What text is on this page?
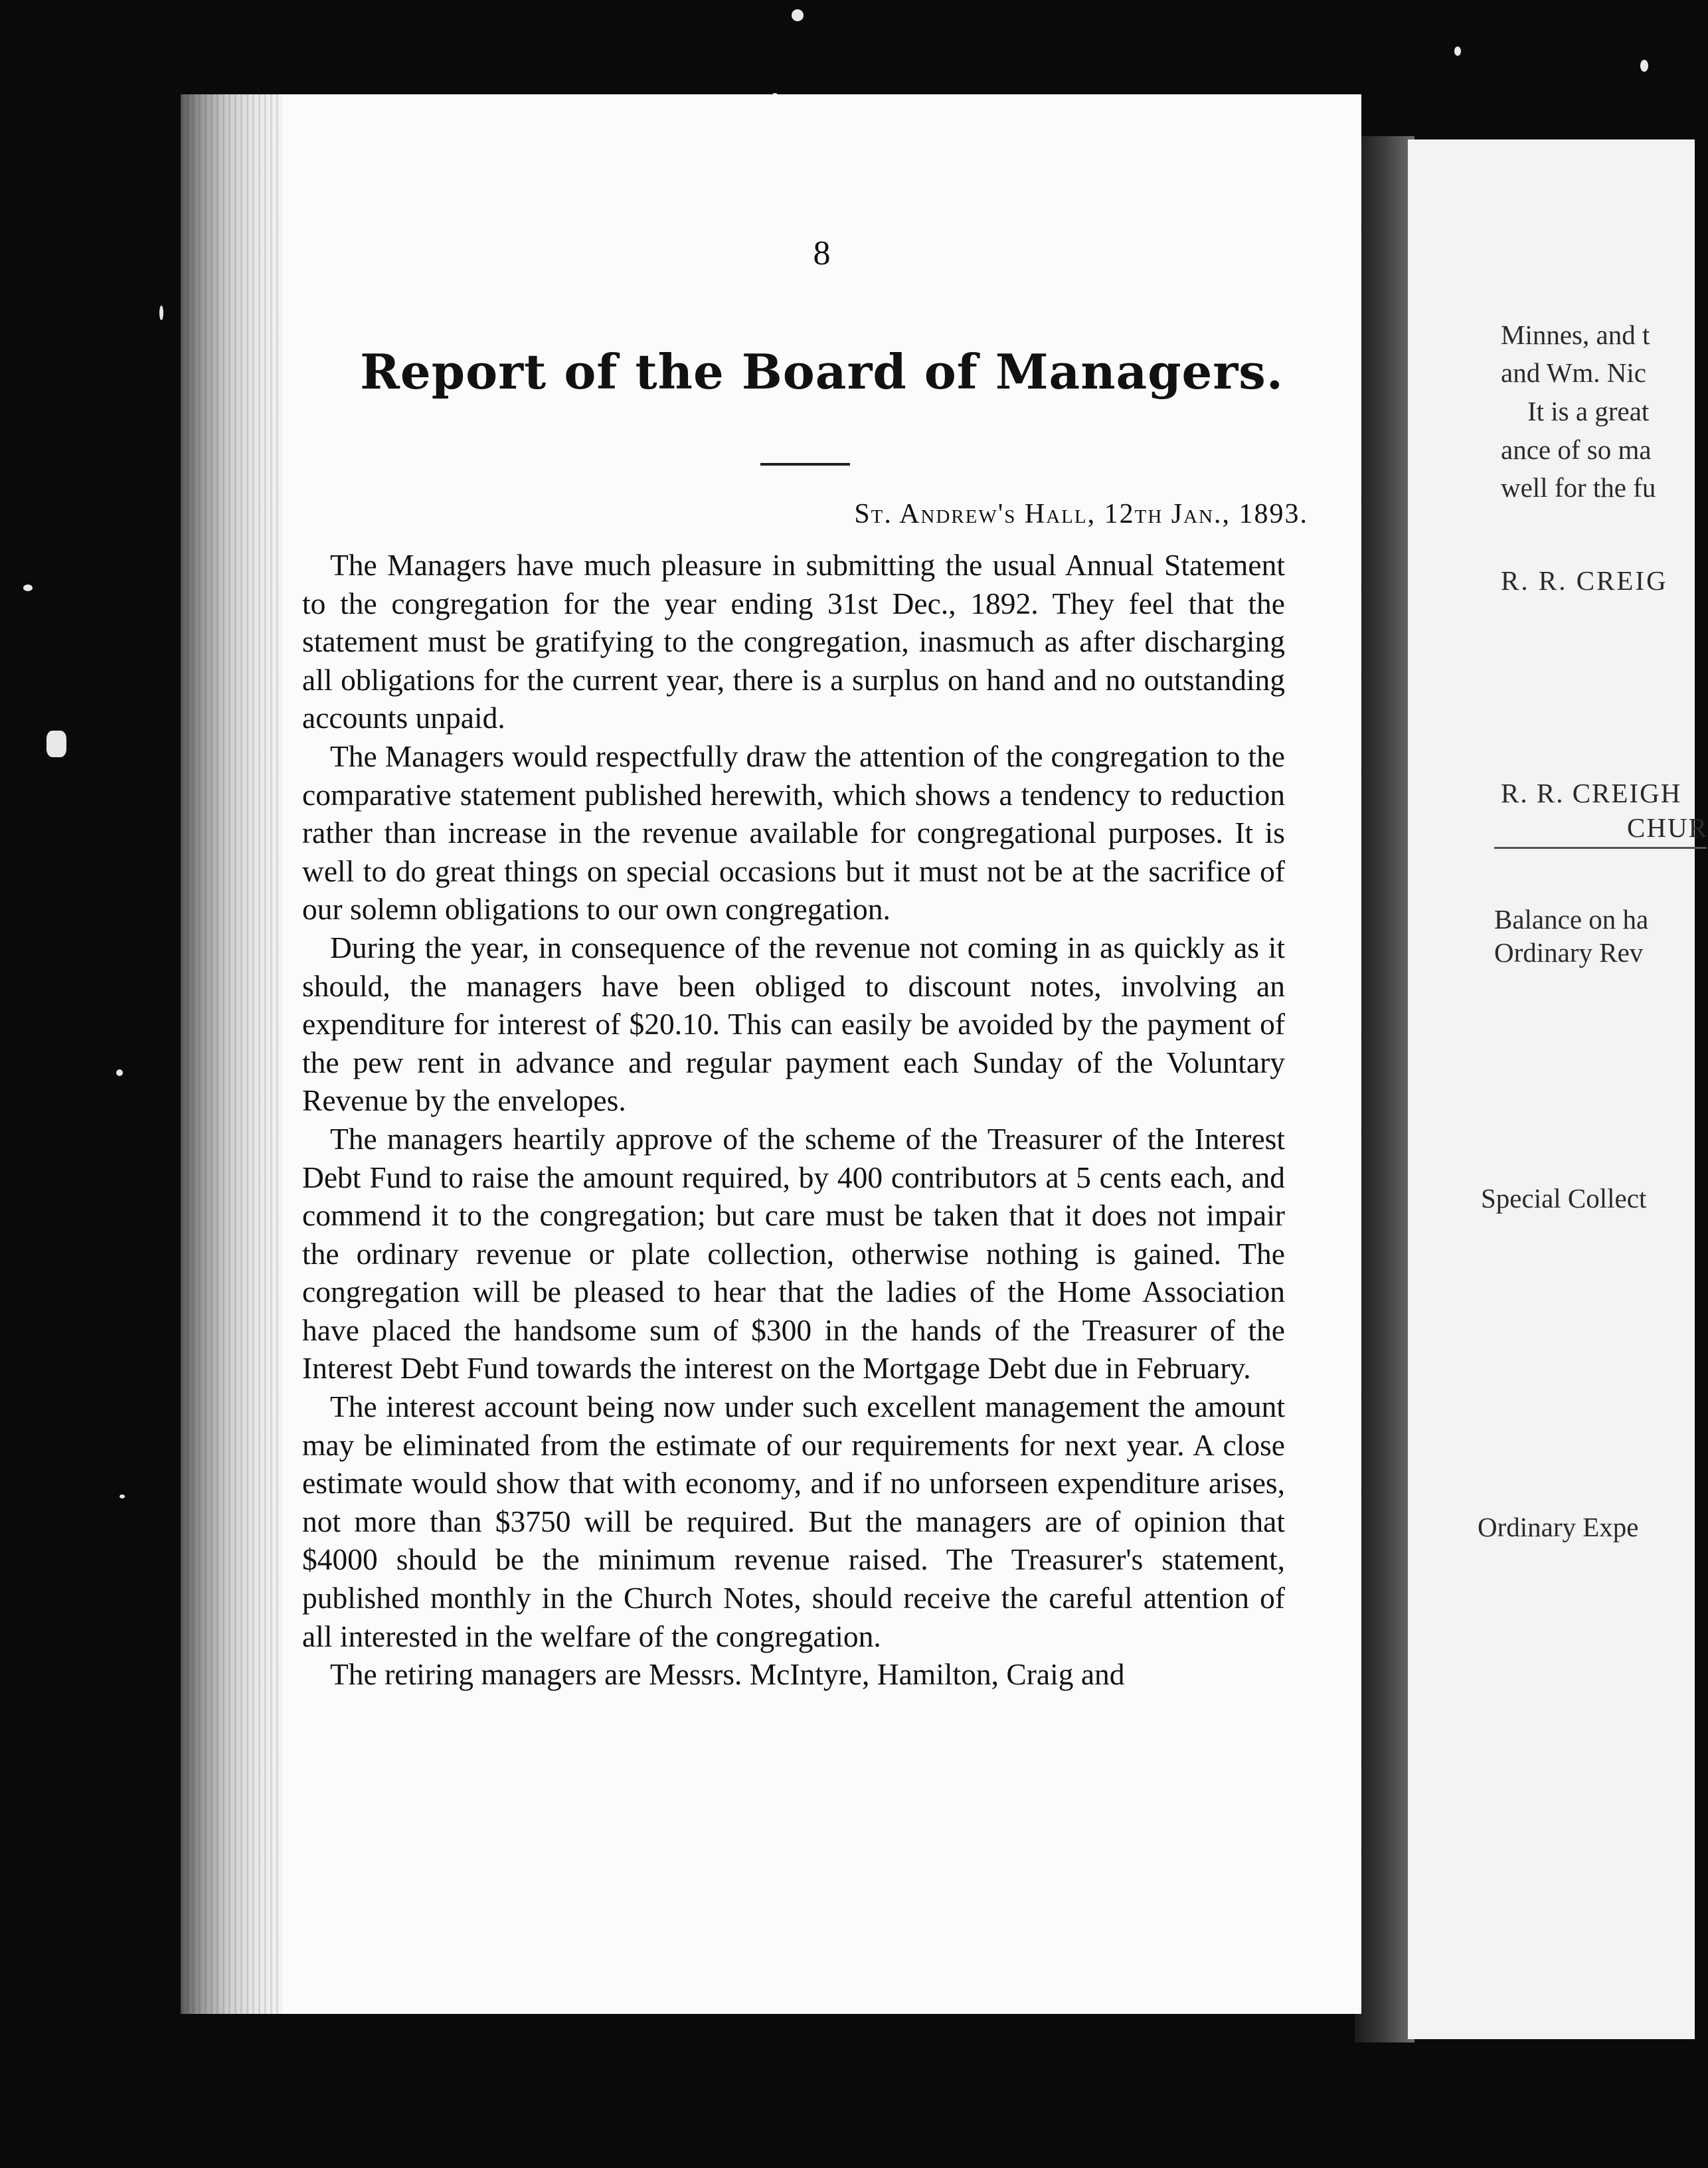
Minnes, and t
and Wm. Nic
It is a great
ance of so ma
well for the fu
R. R. CREIG
R. R. CREIGH
CHUR
Balance on ha
Ordinary Rev
Special Collect
Ordinary Expe
8
Report of the Board of Managers.
St. Andrew's Hall, 12th Jan., 1893.

The Managers have much pleasure in submitting the usual Annual Statement to the congregation for the year ending 31st Dec., 1892. They feel that the statement must be gratifying to the congregation, inasmuch as after discharging all obligations for the current year, there is a surplus on hand and no outstanding accounts unpaid.

The Managers would respectfully draw the attention of the congregation to the comparative statement published herewith, which shows a tendency to reduction rather than increase in the revenue available for congregational purposes. It is well to do great things on special occasions but it must not be at the sacrifice of our solemn obligations to our own congregation.

During the year, in consequence of the revenue not coming in as quickly as it should, the managers have been obliged to discount notes, involving an expenditure for interest of $20.10. This can easily be avoided by the payment of the pew rent in advance and regular payment each Sunday of the Voluntary Revenue by the envelopes.

The managers heartily approve of the scheme of the Treasurer of the Interest Debt Fund to raise the amount required, by 400 contributors at 5 cents each, and commend it to the congregation; but care must be taken that it does not impair the ordinary revenue or plate collection, otherwise nothing is gained. The congregation will be pleased to hear that the ladies of the Home Association have placed the handsome sum of $300 in the hands of the Treasurer of the Interest Debt Fund towards the interest on the Mortgage Debt due in February.

The interest account being now under such excellent management the amount may be eliminated from the estimate of our requirements for next year. A close estimate would show that with economy, and if no unforseen expenditure arises, not more than $3750 will be required. But the managers are of opinion that $4000 should be the minimum revenue raised. The Treasurer's statement, published monthly in the Church Notes, should receive the careful attention of all interested in the welfare of the congregation.

The retiring managers are Messrs. McIntyre, Hamilton, Craig and
